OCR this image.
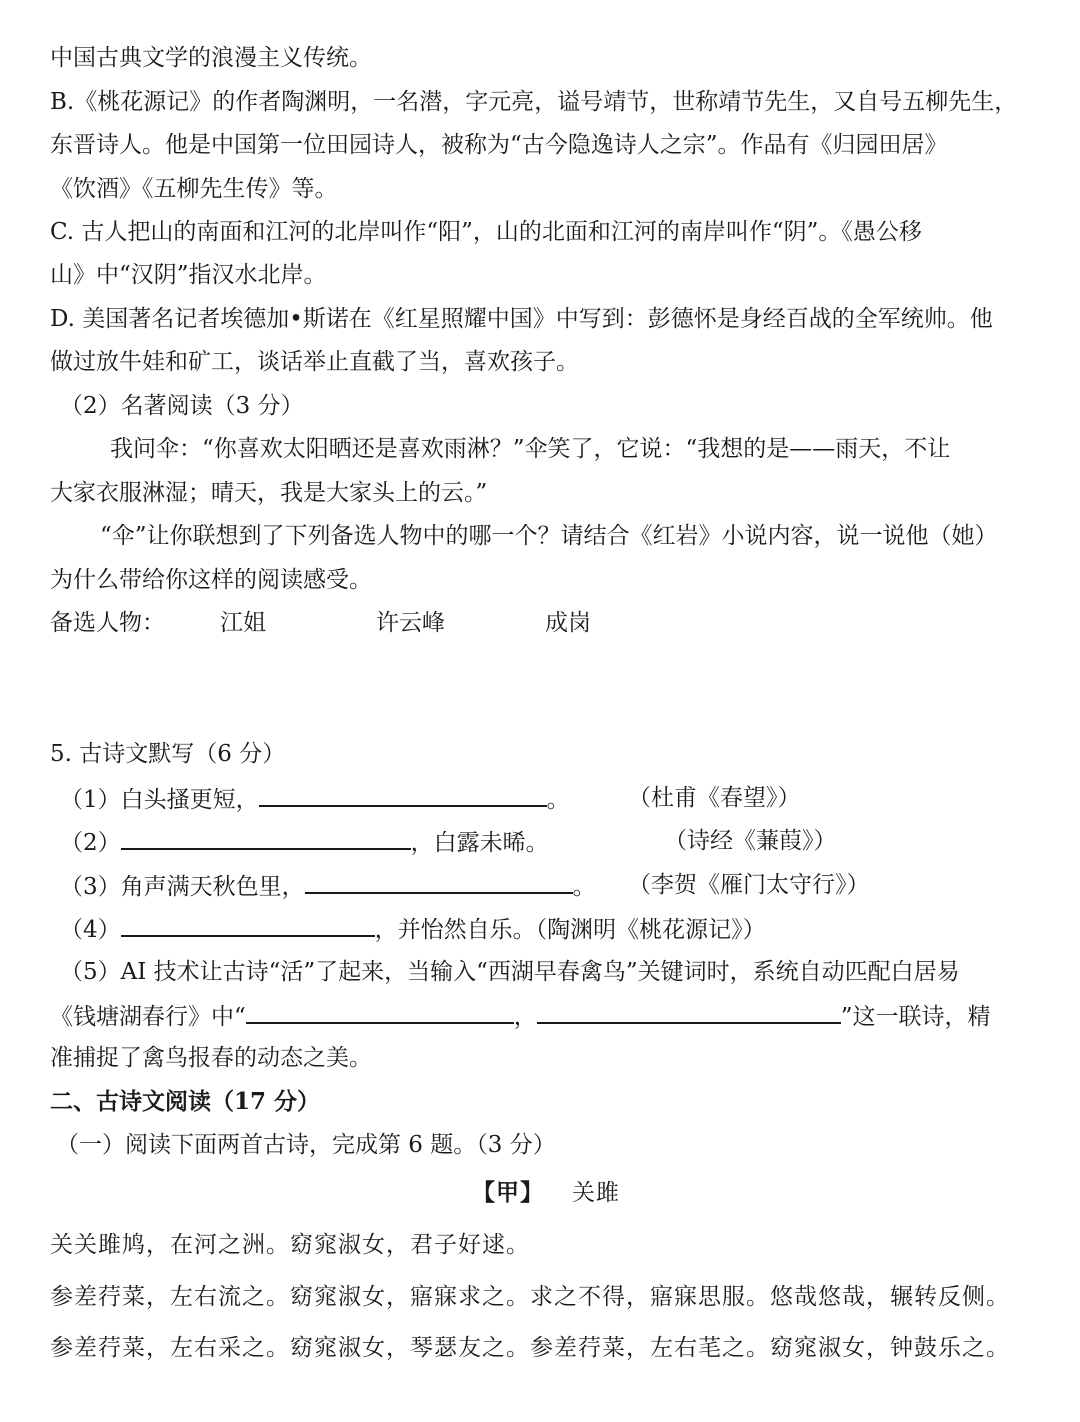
中国古典文学的浪漫主义传统。
B.《桃花源记》的作者陶渊明，一名潜，字元亮，谥号靖节，世称靖节先生，又自号五柳先生，
东晋诗人。他是中国第一位田园诗人，被称为“古今隐逸诗人之宗”。作品有《归园田居》
《饮酒》《五柳先生传》等。
C. 古人把山的南面和江河的北岸叫作“阳”，山的北面和江河的南岸叫作“阴”。《愚公移
山》中“汉阴”指汉水北岸。
D. 美国著名记者埃德加•斯诺在《红星照耀中国》中写到：彭德怀是身经百战的全军统帅。他
做过放牛娃和矿工，谈话举止直截了当，喜欢孩子。
（2）名著阅读（3 分）
我问伞：“你喜欢太阳晒还是喜欢雨淋？”伞笑了，它说：“我想的是——雨天，不让
大家衣服淋湿；晴天，我是大家头上的云。”
“伞”让你联想到了下列备选人物中的哪一个？请结合《红岩》小说内容，说一说他（她）
为什么带给你这样的阅读感受。
备选人物： 江姐	许云峰	成岗
5. 古诗文默写（6 分）
（1）白头搔更短，	。	（杜甫《春望》）
（2）	，白露未晞。	（诗经《蒹葭》）
（3）角声满天秋色里，	。 （李贺《雁门太守行》）
（4）	，并怡然自乐。（陶渊明《桃花源记》）
（5）AI 技术让古诗“活”了起来，当输入“西湖早春禽鸟”关键词时，系统自动匹配白居易
《钱塘湖春行》中“	，	”这一联诗，精
准捕捉了禽鸟报春的动态之美。
二、古诗文阅读（17 分）
（一）阅读下面两首古诗，完成第 6 题。（3 分）
【甲】 关雎
关关雎鸠，在河之洲。窈窕淑女，君子好逑。
参差荇菜，左右流之。窈窕淑女，寤寐求之。求之不得，寤寐思服。悠哉悠哉，辗转反侧。
参差荇菜，左右采之。窈窕淑女，琴瑟友之。参差荇菜，左右芼之。窈窕淑女，钟鼓乐之。
